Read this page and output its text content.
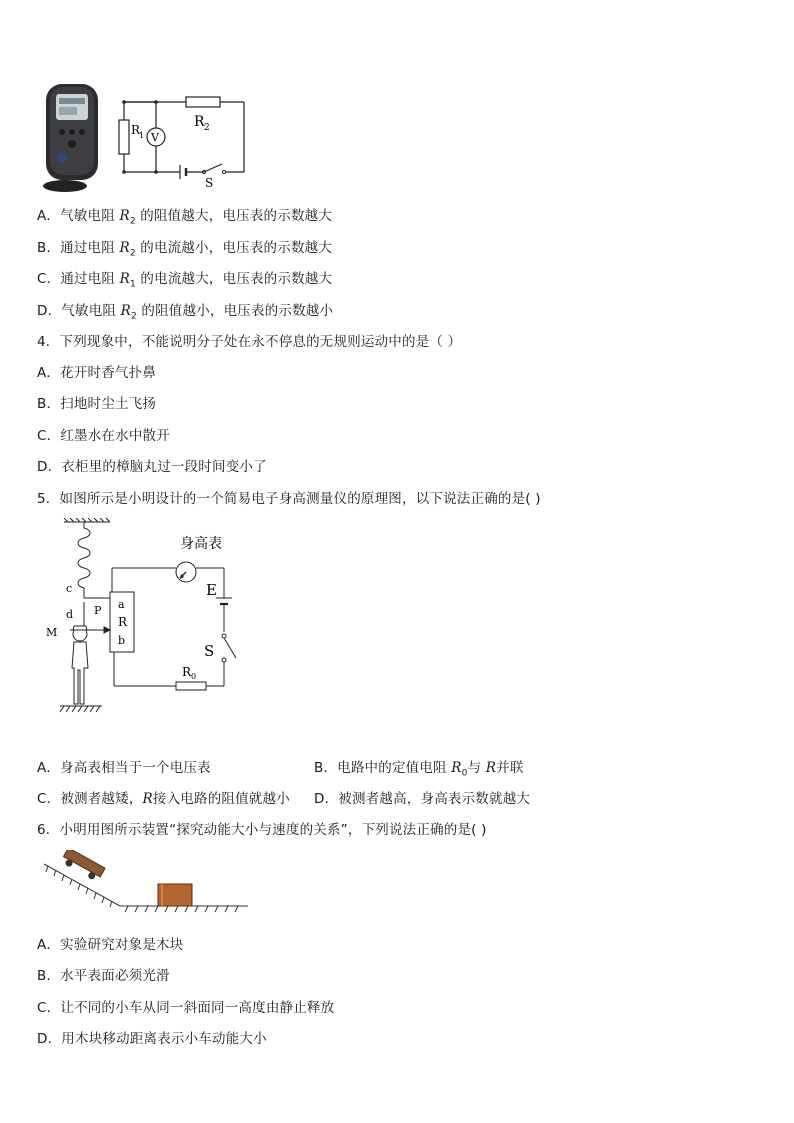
V
R
1
R 2
S
A．气敏电阻 $R_2$ 的阻值越大，电压表的示数越大
B．通过电阻 $R_2$ 的电流越小，电压表的示数越大
C．通过电阻 $R_1$ 的电流越大，电压表的示数越大
D．气敏电阻 $R_2$ 的阻值越小，电压表的示数越小
4．下列现象中，不能说明分子处在永不停息的无规则运动中的是（ ）
A．花开时香气扑鼻
B．扫地时尘土飞扬
C．红墨水在水中散开
D．衣柜里的樟脑丸过一段时间变小了
5．如图所示是小明设计的一个简易电子身高测量仪的原理图，以下说法正确的是( )
身高表
E
S
R 0
a
R
b
P
c
d
M
A．身高表相当于一个电压表	B．电路中的定值电阻 $R_0$与 R并联
C．被测者越矮，R接入电路的阻值就越小 D．被测者越高，身高表示数就越大
6．小明用图所示装置“探究动能大小与速度的关系”，下列说法正确的是( )
A．实验研究对象是木块
B．水平表面必须光滑
C．让不同的小车从同一斜面同一高度由静止释放
D．用木块移动距离表示小车动能大小
